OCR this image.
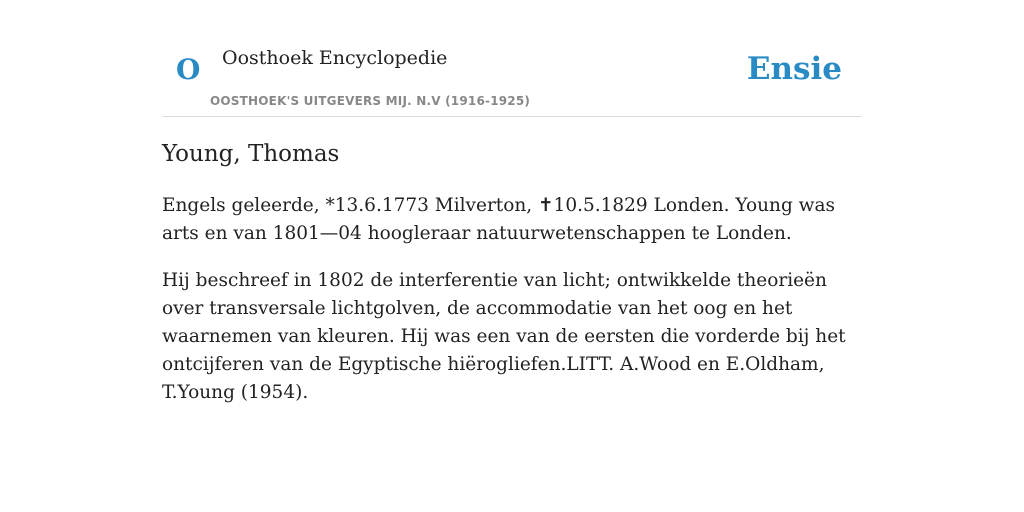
O Oosthoek Encyclopedie
OOSTHOEK'S UITGEVERS MIJ. N.V (1916-1925)
Ensie
Young, Thomas

Engels geleerde, *13.6.1773 Milverton, ✝10.5.1829 Londen. Young was arts en van 1801—04 hoogleraar natuurwetenschappen te Londen.

Hij beschreef in 1802 de interferentie van licht; ontwikkelde theorieën over transversale lichtgolven, de accommodatie van het oog en het waarnemen van kleuren. Hij was een van de eersten die vorderde bij het ontcijferen van de Egyptische hiërogliefen.LITT. A.Wood en E.Oldham, T.Young (1954).
